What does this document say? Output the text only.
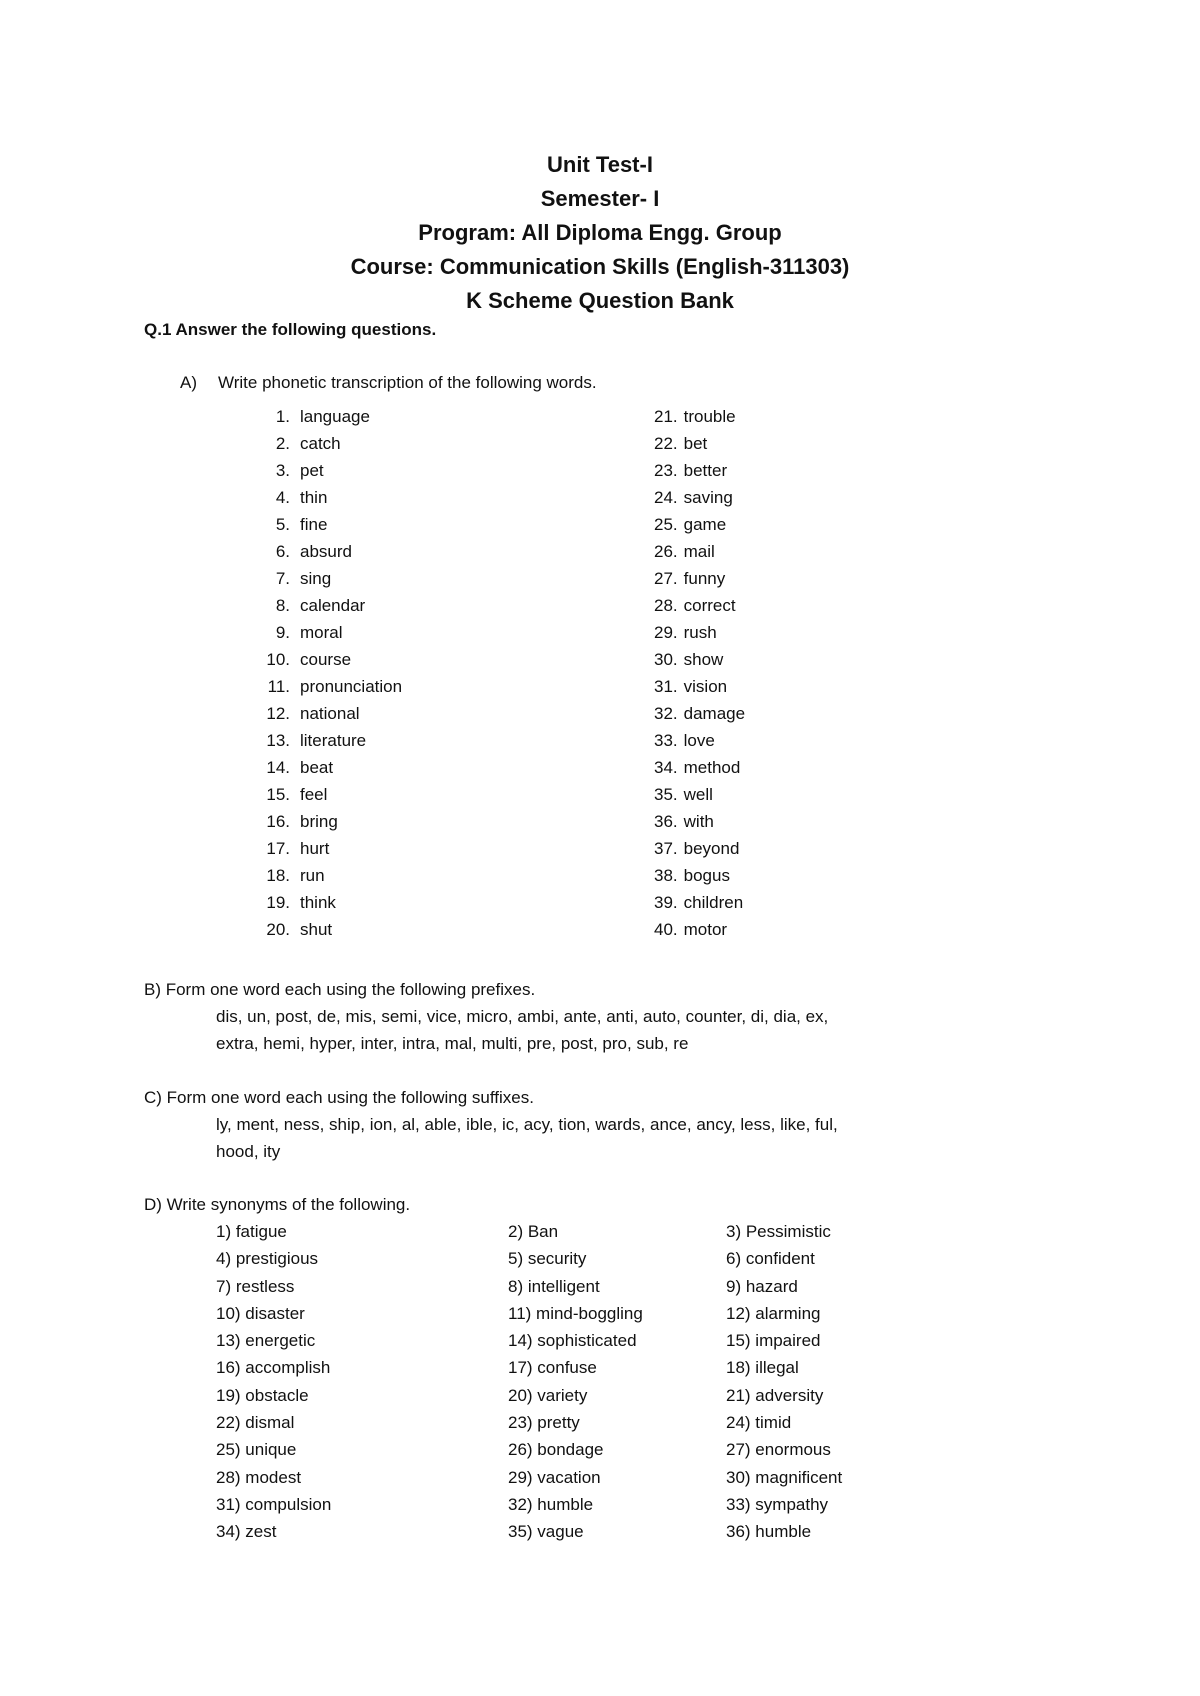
Unit Test-I

Semester- I

Program: All Diploma Engg. Group

Course: Communication Skills (English-311303)

K Scheme Question Bank

Q.1 Answer the following questions.
A) Write phonetic transcription of the following words.
1. language
2. catch
3. pet
4. thin
5. fine
6. absurd
7. sing
8. calendar
9. moral
10. course
11. pronunciation
12. national
13. literature
14. beat
15. feel
16. bring
17. hurt
18. run
19. think
20. shut
21. trouble
22. bet
23. better
24. saving
25. game
26. mail
27. funny
28. correct
29. rush
30. show
31. vision
32. damage
33. love
34. method
35. well
36. with
37. beyond
38. bogus
39. children
40. motor
B) Form one word each using the following prefixes.
dis, un, post, de, mis, semi, vice, micro, ambi, ante, anti, auto, counter, di, dia, ex,
extra, hemi, hyper, inter, intra, mal, multi, pre, post, pro, sub, re
C) Form one word each using the following suffixes.
ly, ment, ness, ship, ion, al, able, ible, ic, acy, tion, wards, ance, ancy, less, like, ful,
hood, ity
D) Write synonyms of the following.
1) fatigue
4) prestigious
7) restless
10) disaster
13) energetic
16) accomplish
19) obstacle
22) dismal
25) unique
28) modest
31) compulsion
34) zest
2) Ban
5) security
8) intelligent
11) mind-boggling
14) sophisticated
17) confuse
20) variety
23) pretty
26) bondage
29) vacation
32) humble
35) vague
3) Pessimistic
6) confident
9) hazard
12) alarming
15) impaired
18) illegal
21) adversity
24) timid
27) enormous
30) magnificent
33) sympathy
36) humble
